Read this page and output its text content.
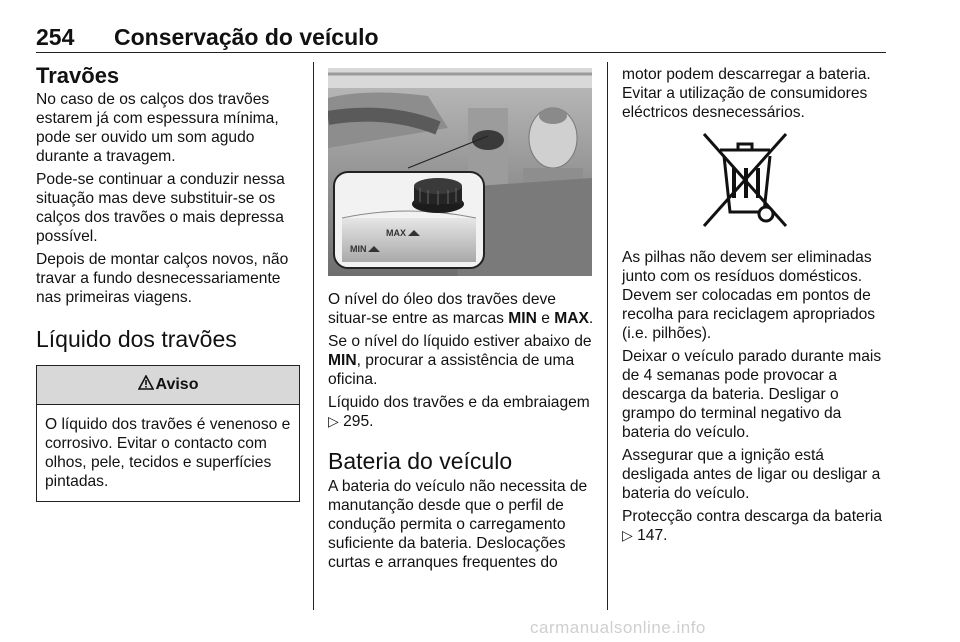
254 Conservação do veículo
Travões

No caso de os calços dos travões estarem já com espessura mínima, pode ser ouvido um som agudo durante a travagem.

Pode-se continuar a conduzir nessa situação mas deve substituir-se os calços dos travões o mais depressa possível.

Depois de montar calços novos, não travar a fundo desnecessariamente nas primeiras viagens.

Líquido dos travões
Aviso

O líquido dos travões é venenoso e corrosivo. Evitar o contacto com olhos, pele, tecidos e superfícies pintadas.

MAX
MIN

O nível do óleo dos travões deve situar-se entre as marcas MIN e MAX.

Se o nível do líquido estiver abaixo de MIN, procurar a assistência de uma oficina.

Líquido dos travões e da embraiagem
▷ 295.

Bateria do veículo

A bateria do veículo não necessita de manutanção desde que o perfil de condução permita o carregamento suficiente da bateria. Deslocações curtas e arranques frequentes do

motor podem descarregar a bateria. Evitar a utilização de consumidores eléctricos desnecessários.

As pilhas não devem ser eliminadas junto com os resíduos domésticos. Devem ser colocadas em pontos de recolha para reciclagem apropriados (i.e. pilhões).

Deixar o veículo parado durante mais de 4 semanas pode provocar a descarga da bateria. Desligar o grampo do terminal negativo da bateria do veículo.

Assegurar que a ignição está desligada antes de ligar ou desligar a bateria do veículo.

Protecção contra descarga da bateria
▷ 147.

carmanualsonline.info
